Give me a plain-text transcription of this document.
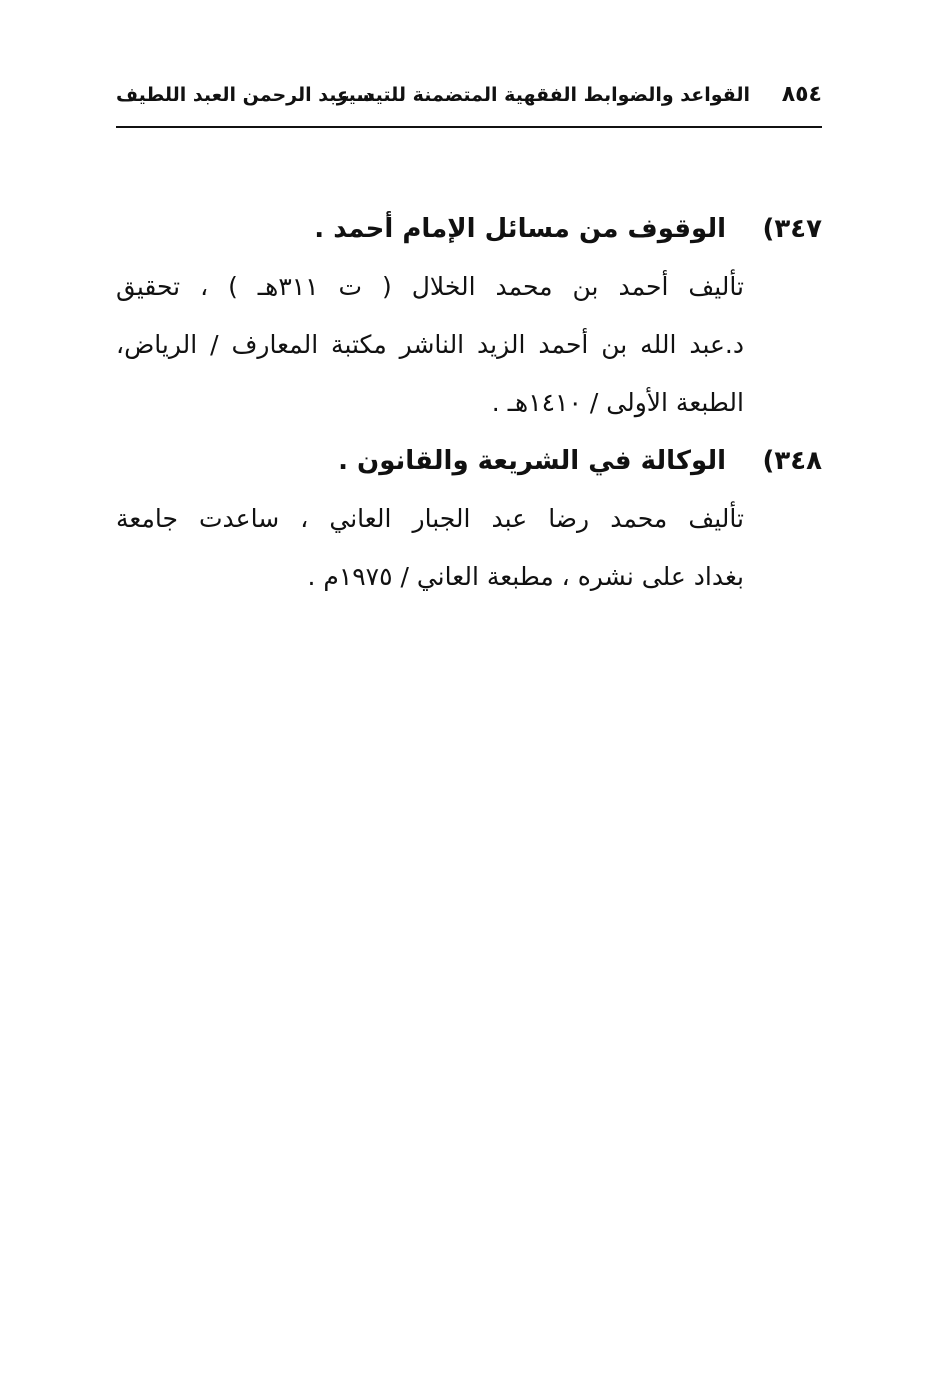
٨٥٤
القواعد والضوابط الفقهية المتضمنة للتيسير
د. عبد الرحمن العبد اللطيف
٣٤٧)
الوقوف من مسائل الإمام أحمد .
تأليف أحمد بن محمد الخلال ( ت ٣١١هـ ) ، تحقيق
د.عبد الله بن أحمد الزيد الناشر مكتبة المعارف / الرياض،
الطبعة الأولى / ١٤١٠هـ .
٣٤٨)
الوكالة في الشريعة والقانون .
تأليف محمد رضا عبد الجبار العاني ، ساعدت جامعة
بغداد على نشره ، مطبعة العاني / ١٩٧٥م .
